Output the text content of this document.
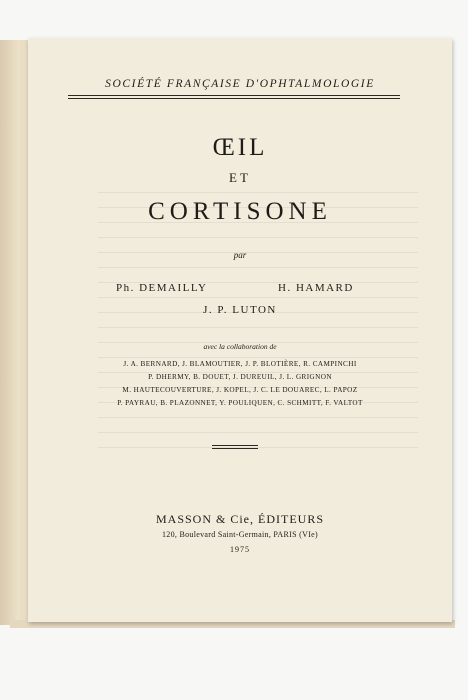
SOCIÉTÉ FRANÇAISE D'OPHTALMOLOGIE
ŒIL
ET
CORTISONE
par
Ph. DEMAILLY	H. HAMARD
J. P. LUTON
avec la collaboration de
J. A. BERNARD, J. BLAMOUTIER, J. P. BLOTIÈRE, R. CAMPINCHI
P. DHERMY, B. DOUET, J. DUREUIL, J. L. GRIGNON
M. HAUTECOUVERTURE, J. KOPEL, J. C. LE DOUAREC, L. PAPOZ
P. PAYRAU, B. PLAZONNET, Y. POULIQUEN, C. SCHMITT, F. VALTOT
MASSON & Cie, ÉDITEURS
120, Boulevard Saint-Germain, PARIS (VIe)
1975
